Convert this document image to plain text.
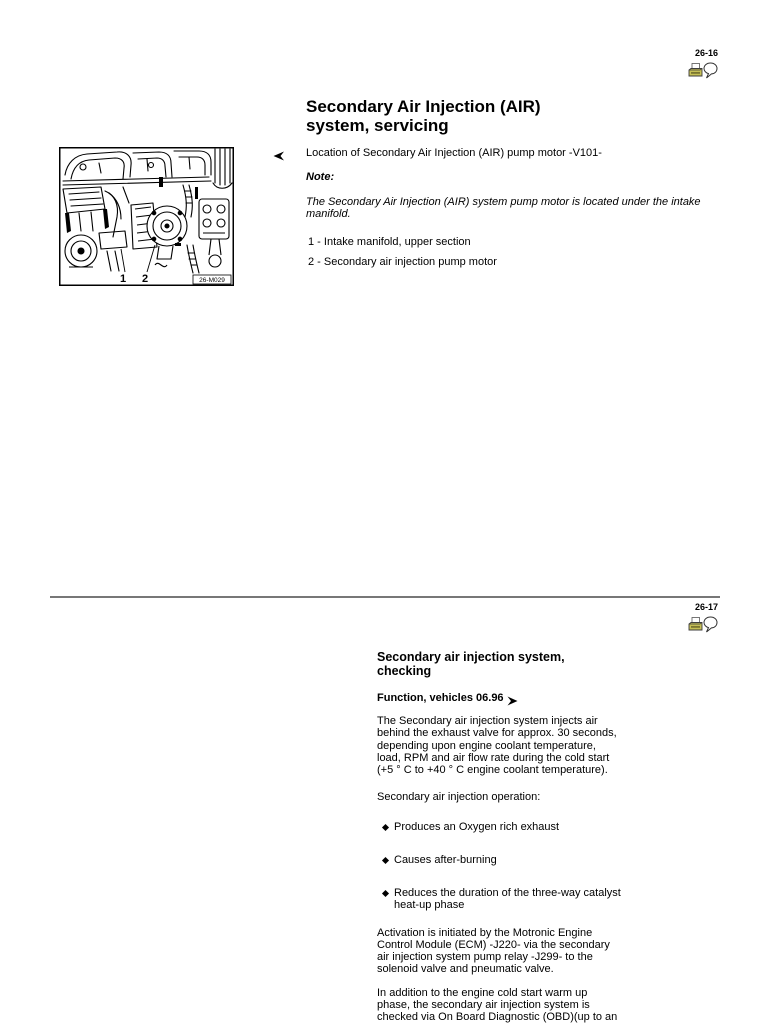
26-16
Secondary Air Injection (AIR)
system, servicing
1 2	26-M029
Location of Secondary Air Injection (AIR) pump motor -V101-
Note:
The Secondary Air Injection (AIR) system pump motor is located under the intake
manifold.
1 - Intake manifold, upper section
2 - Secondary air injection pump motor
26-17
Secondary air injection system,
checking
Function, vehicles 06.96
The Secondary air injection system injects air
behind the exhaust valve for approx. 30 seconds,
depending upon engine coolant temperature,
load, RPM and air flow rate during the cold start
(+5 ° C to +40 ° C engine coolant temperature).
Secondary air injection operation:
Produces an Oxygen rich exhaust
Causes after-burning
Reduces the duration of the three-way catalyst
heat-up phase
Activation is initiated by the Motronic Engine
Control Module (ECM) -J220- via the secondary
air injection system pump relay -J299- to the
solenoid valve and pneumatic valve.
In addition to the engine cold start warm up
phase, the secondary air injection system is
checked via On Board Diagnostic (OBD)(up to an
